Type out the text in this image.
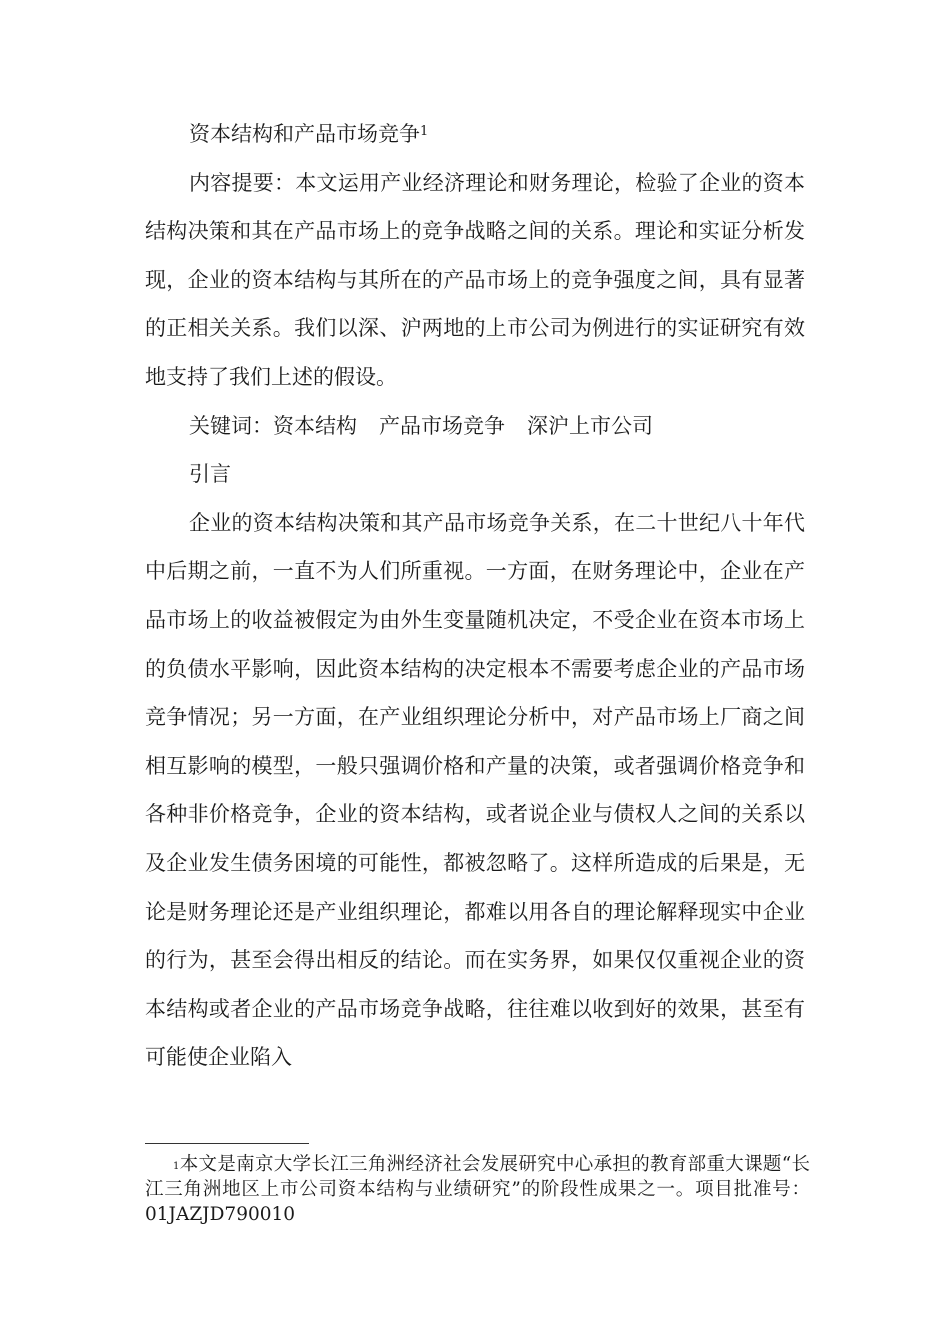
资本结构和产品市场竞争$^1$

内容提要：本文运用产业经济理论和财务理论，检验了企业的资本结构决策和其在产品市场上的竞争战略之间的关系。理论和实证分析发现，企业的资本结构与其所在的产品市场上的竞争强度之间，具有显著的正相关关系。我们以深、沪两地的上市公司为例进行的实证研究有效地支持了我们上述的假设。

关键词：资本结构 产品市场竞争 深沪上市公司

引言

企业的资本结构决策和其产品市场竞争关系，在二十世纪八十年代中后期之前，一直不为人们所重视。一方面，在财务理论中，企业在产品市场上的收益被假定为由外生变量随机决定，不受企业在资本市场上的负债水平影响，因此资本结构的决定根本不需要考虑企业的产品市场竞争情况；另一方面，在产业组织理论分析中，对产品市场上厂商之间相互影响的模型，一般只强调价格和产量的决策，或者强调价格竞争和各种非价格竞争，企业的资本结构，或者说企业与债权人之间的关系以及企业发生债务困境的可能性，都被忽略了。这样所造成的后果是，无论是财务理论还是产业组织理论，都难以用各自的理论解释现实中企业的行为，甚至会得出相反的结论。而在实务界，如果仅仅重视企业的资本结构或者企业的产品市场竞争战略，往往难以收到好的效果，甚至有可能使企业陷入

$^1$本文是南京大学长江三角洲经济社会发展研究中心承担的教育部重大课题“长江三角洲地区上市公司资本结构与业绩研究”的阶段性成果之一。项目批准号：01JAZJD790010
